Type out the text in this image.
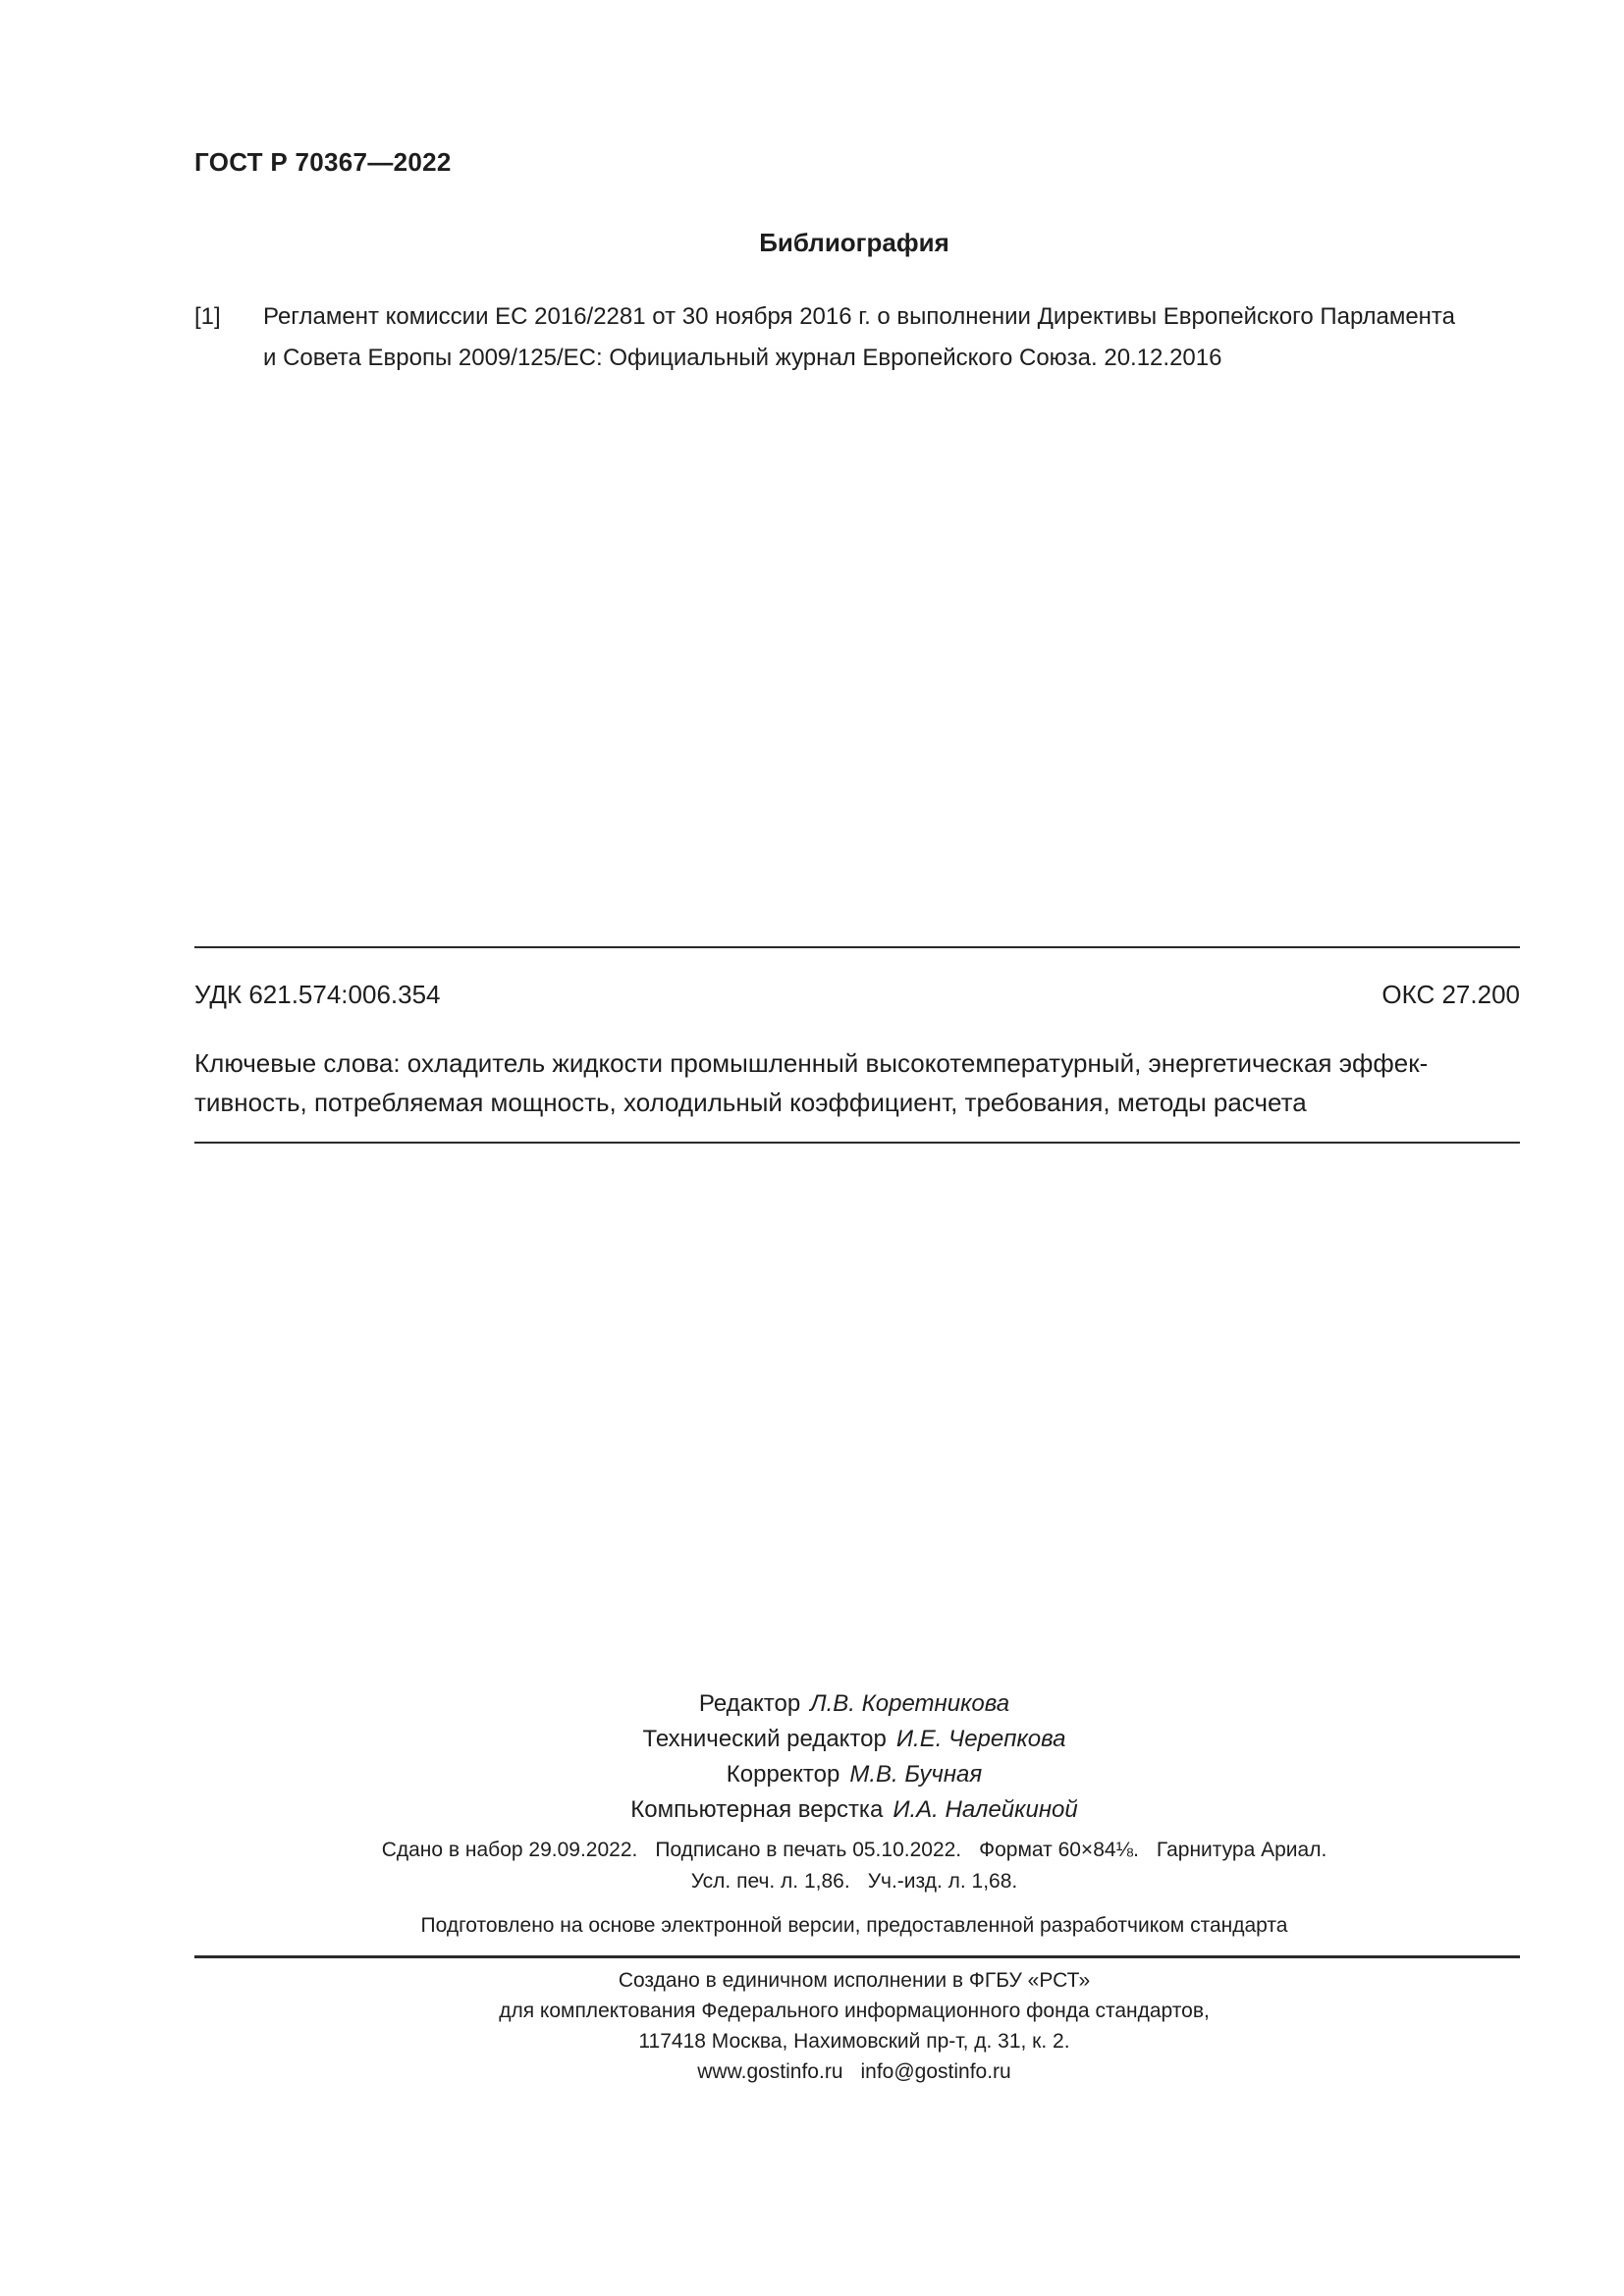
ГОСТ Р 70367—2022
Библиография
[1] Регламент комиссии ЕС 2016/2281 от 30 ноября 2016 г. о выполнении Директивы Европейского Парламента
и Совета Европы 2009/125/ЕС: Официальный журнал Европейского Союза. 20.12.2016
УДК 621.574:006.354	ОКС 27.200
Ключевые слова: охладитель жидкости промышленный высокотемпературный, энергетическая эффек-
тивность, потребляемая мощность, холодильный коэффициент, требования, методы расчета
Редактор Л.В. Коретникова
Технический редактор И.Е. Черепкова
Корректор М.В. Бучная
Компьютерная верстка И.А. Налейкиной
Сдано в набор 29.09.2022. Подписано в печать 05.10.2022. Формат 60×84⅛. Гарнитура Ариал.
Усл. печ. л. 1,86. Уч.-изд. л. 1,68.
Подготовлено на основе электронной версии, предоставленной разработчиком стандарта
Создано в единичном исполнении в ФГБУ «РСТ»
для комплектования Федерального информационного фонда стандартов,
117418 Москва, Нахимовский пр-т, д. 31, к. 2.
www.gostinfo.ru info@gostinfo.ru
